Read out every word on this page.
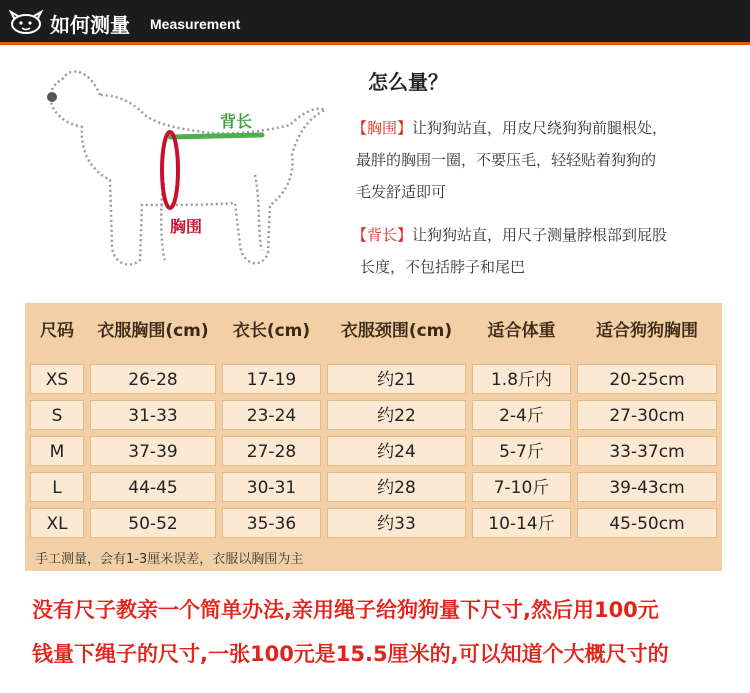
如何测量 Measurement
背长
胸围
怎么量？
【胸围】让狗狗站直，用皮尺绕狗狗前腿根处，
最胖的胸围一圈，不要压毛，轻轻贴着狗狗的
毛发舒适即可
【背长】让狗狗站直，用尺子测量脖根部到屁股
长度，不包括脖子和尾巴
尺码	衣服胸围(cm)	衣长(cm)	衣服颈围(cm)	适合体重	适合狗狗胸围
XS	26-28	17-19	约21	1.8斤内	20-25cm
S	31-33	23-24	约22	2-4斤	27-30cm
M	37-39	27-28	约24	5-7斤	33-37cm
L	44-45	30-31	约28	7-10斤	39-43cm
XL	50-52	35-36	约33	10-14斤	45-50cm
手工测量，会有1-3厘米误差，衣服以胸围为主
没有尺子教亲一个简单办法,亲用绳子给狗狗量下尺寸,然后用100元
钱量下绳子的尺寸,一张100元是15.5厘米的,可以知道个大概尺寸的
